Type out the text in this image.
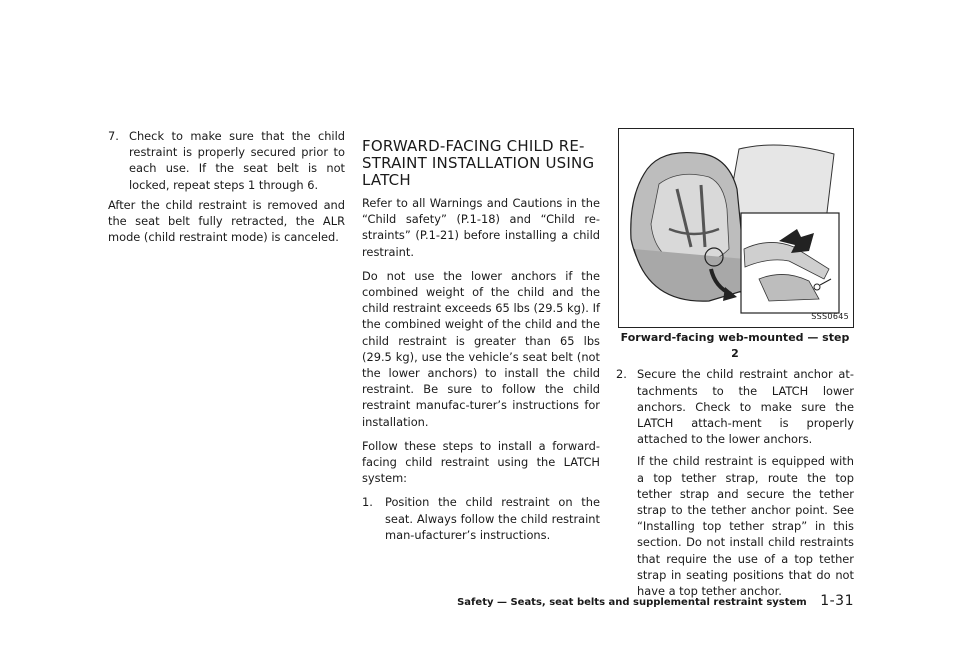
7. Check to make sure that the child restraint is properly secured prior to each use. If the seat belt is not locked, repeat steps 1 through 6.

After the child restraint is removed and the seat belt fully retracted, the ALR mode (child restraint mode) is canceled.

FORWARD-FACING CHILD RE-STRAINT INSTALLATION USING LATCH

Refer to all Warnings and Cautions in the “Child safety” (P.1-18) and “Child re-straints” (P.1-21) before installing a child restraint.

Do not use the lower anchors if the combined weight of the child and the child restraint exceeds 65 lbs (29.5 kg). If the combined weight of the child and the child restraint is greater than 65 lbs (29.5 kg), use the vehicle’s seat belt (not the lower anchors) to install the child restraint. Be sure to follow the child restraint manufac-turer’s instructions for installation.

Follow these steps to install a forward-facing child restraint using the LATCH system:

1. Position the child restraint on the seat. Always follow the child restraint man-ufacturer’s instructions.
SSS0645
Forward-facing web-mounted — step 2
2. Secure the child restraint anchor at-tachments to the LATCH lower anchors. Check to make sure the LATCH attach-ment is properly attached to the lower anchors.
If the child restraint is equipped with a top tether strap, route the top tether strap and secure the tether strap to the tether anchor point. See “Installing top tether strap” in this section. Do not install child restraints that require the use of a top tether strap in seating positions that do not have a top tether anchor.
Safety — Seats, seat belts and supplemental restraint system 1-31
